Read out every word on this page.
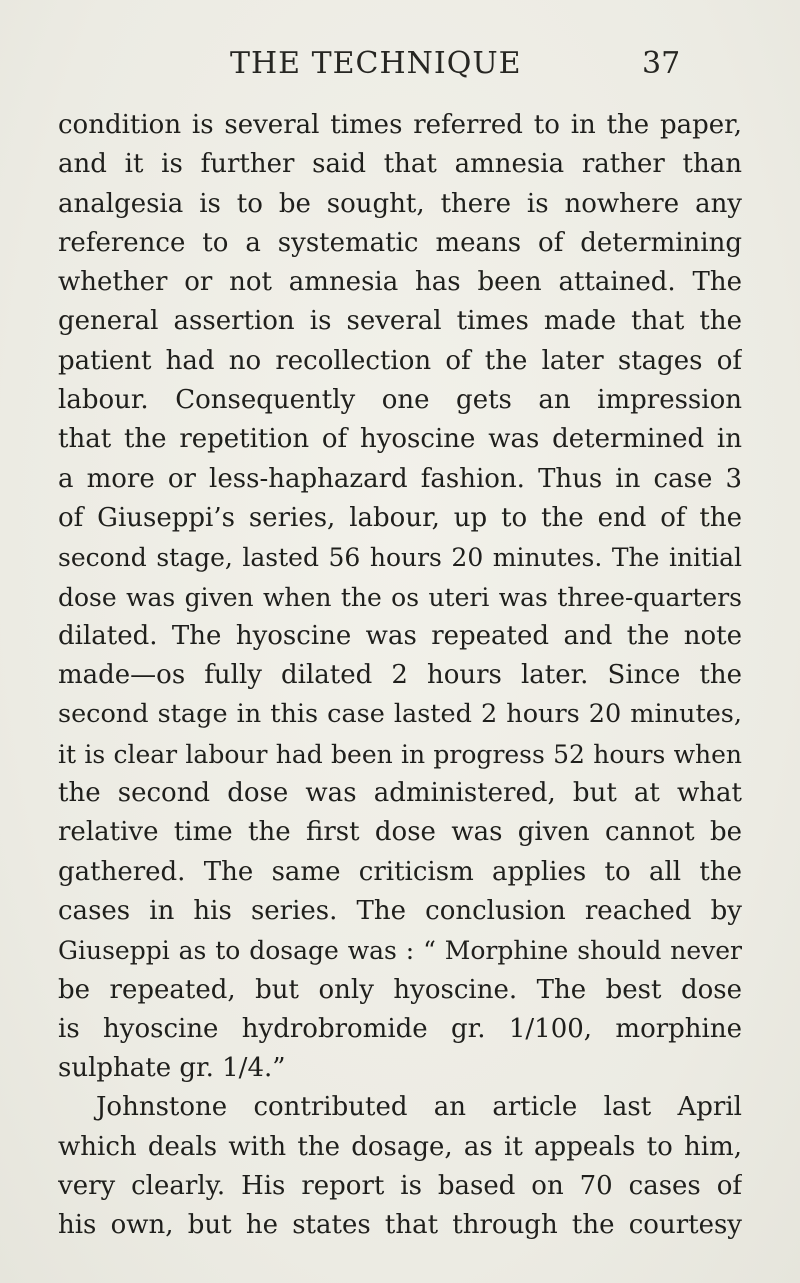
THE TECHNIQUE	37
condition is several times referred to in the paper,
and it is further said that amnesia rather than
analgesia is to be sought, there is nowhere any
reference to a systematic means of determining
whether or not amnesia has been attained. The
general assertion is several times made that the
patient had no recollection of the later stages of
labour. Consequently one gets an impression
that the repetition of hyoscine was determined in
a more or less-haphazard fashion. Thus in case 3
of Giuseppi’s series, labour, up to the end of the
second stage, lasted 56 hours 20 minutes. The initial
dose was given when the os uteri was three-quarters
dilated. The hyoscine was repeated and the note
made—os fully dilated 2 hours later. Since the
second stage in this case lasted 2 hours 20 minutes,
it is clear labour had been in progress 52 hours when
the second dose was administered, but at what
relative time the first dose was given cannot be
gathered. The same criticism applies to all the
cases in his series. The conclusion reached by
Giuseppi as to dosage was : “ Morphine should never
be repeated, but only hyoscine. The best dose
is hyoscine hydrobromide gr. 1/100, morphine
sulphate gr. 1/4.”
Johnstone contributed an article last April
which deals with the dosage, as it appeals to him,
very clearly. His report is based on 70 cases of
his own, but he states that through the courtesy
